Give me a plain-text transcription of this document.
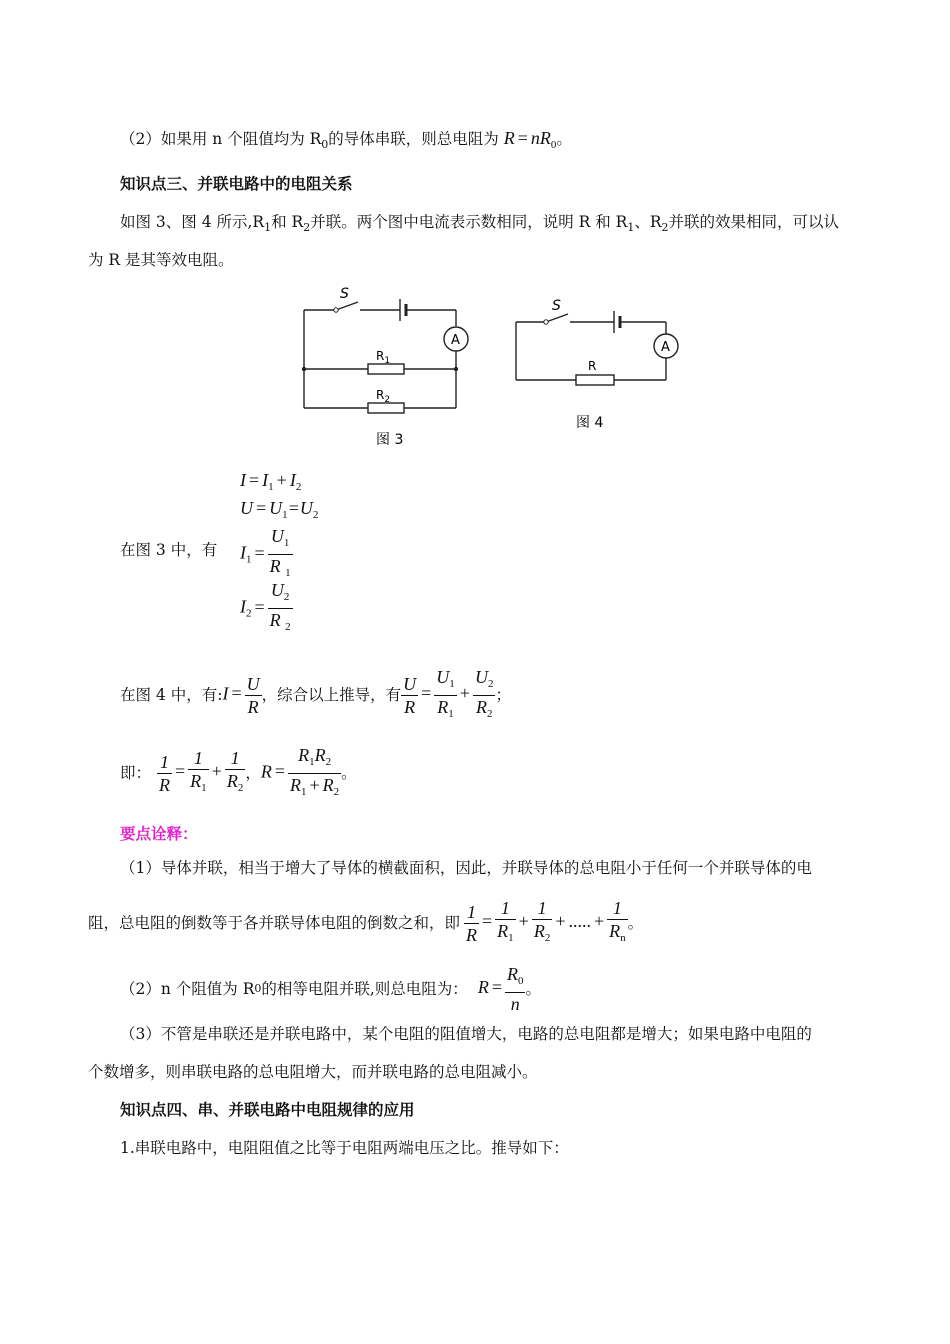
（2）如果用 n 个阻值均为 $R_0$的导体串联，则总电阻为 $R = nR_0$。
知识点三、并联电路中的电阻关系
如图 3、图 4 所示$,R_1$和 $R_2$并联。两个图中电流表示数相同，说明 R 和 $R_1$、$R_2$并联的效果相同，可以认
为 R 是其等效电阻。
S
A
$R_1$
$R_2$
图 3
S
A
R
图 4
$I = I_1 + I_2$
$U = U_1=U_2$
在图 3 中，有 $I_1 = \frac{U_1}{R _1}$
$I_2 = \frac{U_2}{R _2}$
在图 4 中，有: $I = \frac{U}{R}$ ，综合以上推导，有 $\frac{U}{R} = \frac{U_1}{R_1} + \frac{U_2}{R_2}$ ；
即： $\frac{1}{R} = \frac{1}{R_1} + \frac{1}{R_2}$ ， $R = \frac{R_1R_2}{R_1 + R_2}$ 。
要点诠释：
（1）导体并联，相当于增大了导体的横截面积，因此，并联导体的总电阻小于任何一个并联导体的电
阻，总电阻的倒数等于各并联导体电阻的倒数之和，即 $\frac{1}{R} = \frac{1}{R_1} + \frac{1}{R_2}$ + ..... + $\frac{1}{R_n}$ 。
（2）n 个阻值为 R 0 的相等电阻并联,则总电阻为： $R = \frac{R_0}{n}$ 。
（3）不管是串联还是并联电路中，某个电阻的阻值增大，电路的总电阻都是增大；如果电路中电阻的
个数增多，则串联电路的总电阻增大，而并联电路的总电阻减小。
知识点四、串、并联电路中电阻规律的应用
1.串联电路中，电阻阻值之比等于电阻两端电压之比。推导如下：
